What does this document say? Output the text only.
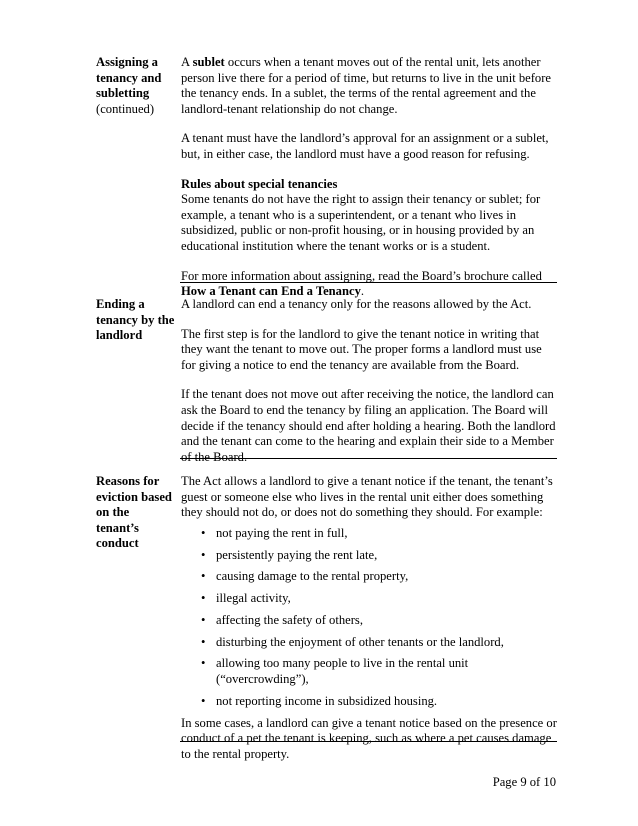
Assigning a
tenancy and
subletting
(continued)

A sublet occurs when a tenant moves out of the rental unit, lets another person live there for a period of time, but returns to live in the unit before the tenancy ends. In a sublet, the terms of the rental agreement and the landlord-tenant relationship do not change.

A tenant must have the landlord’s approval for an assignment or a sublet, but, in either case, the landlord must have a good reason for refusing.

Rules about special tenancies
Some tenants do not have the right to assign their tenancy or sublet; for example, a tenant who is a superintendent, or a tenant who lives in subsidized, public or non-profit housing, or in housing provided by an educational institution where the tenant works or is a student.

For more information about assigning, read the Board’s brochure called How a Tenant can End a Tenancy.

Ending a
tenancy by the
landlord

A landlord can end a tenancy only for the reasons allowed by the Act.

The first step is for the landlord to give the tenant notice in writing that they want the tenant to move out. The proper forms a landlord must use for giving a notice to end the tenancy are available from the Board.

If the tenant does not move out after receiving the notice, the landlord can ask the Board to end the tenancy by filing an application. The Board will decide if the tenancy should end after holding a hearing. Both the landlord and the tenant can come to the hearing and explain their side to a Member of the Board.

Reasons for
eviction based
on the
tenant’s
conduct

The Act allows a landlord to give a tenant notice if the tenant, the tenant’s guest or someone else who lives in the rental unit either does something they should not do, or does not do something they should. For example:

• not paying the rent in full,
• persistently paying the rent late,
• causing damage to the rental property,
• illegal activity,
• affecting the safety of others,
• disturbing the enjoyment of other tenants or the landlord,
• allowing too many people to live in the rental unit (“overcrowding”),
• not reporting income in subsidized housing.

In some cases, a landlord can give a tenant notice based on the presence or conduct of a pet the tenant is keeping, such as where a pet causes damage to the rental property.

Page 9 of 10
